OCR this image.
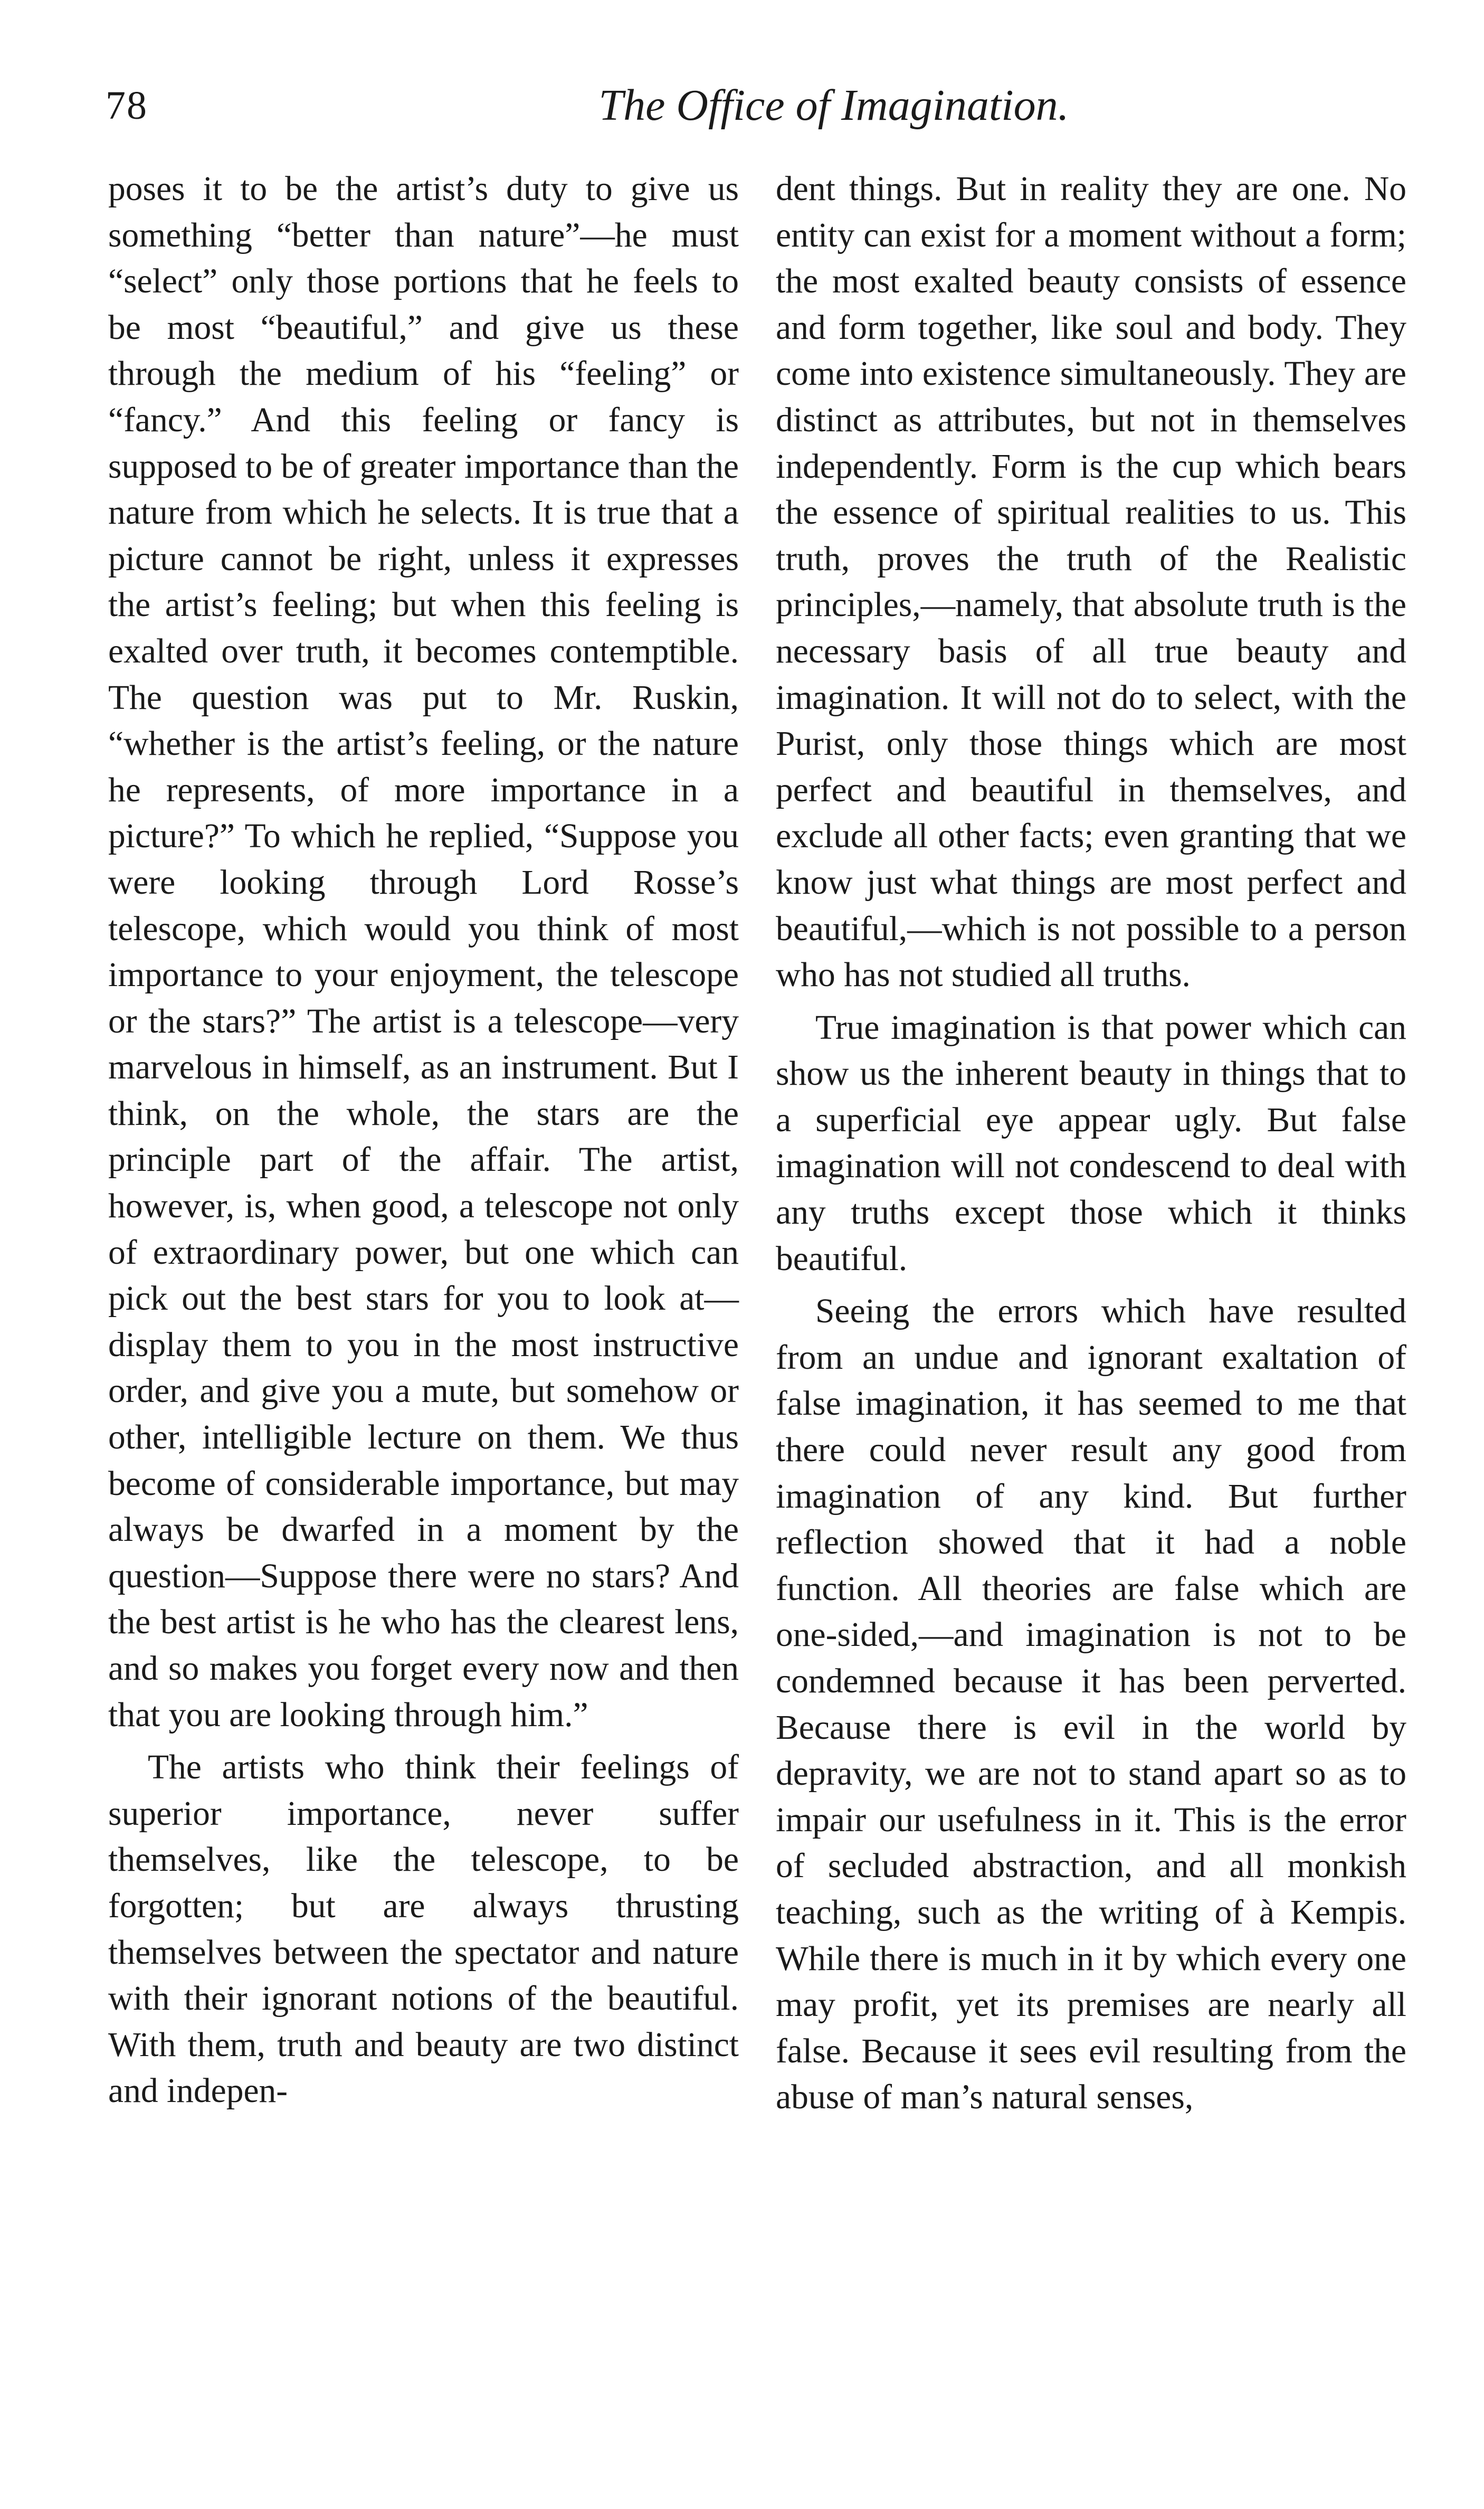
78	The Office of Imagination.

poses it to be the artist’s duty to give us something “better than nature”—he must “select” only those portions that he feels to be most “beautiful,” and give us these through the medium of his “feeling” or “fancy.” And this feeling or fancy is supposed to be of greater importance than the nature from which he selects. It is true that a picture cannot be right, unless it expresses the artist’s feeling; but when this feeling is exalted over truth, it becomes contemptible. The question was put to Mr. Ruskin, “whether is the artist’s feeling, or the nature he represents, of more importance in a picture?” To which he replied, “Suppose you were looking through Lord Rosse’s telescope, which would you think of most importance to your enjoyment, the telescope or the stars?” The artist is a telescope—very marvelous in himself, as an instrument. But I think, on the whole, the stars are the principle part of the affair. The artist, however, is, when good, a telescope not only of extraordinary power, but one which can pick out the best stars for you to look at—display them to you in the most instructive order, and give you a mute, but somehow or other, intelligible lecture on them. We thus become of considerable importance, but may always be dwarfed in a moment by the question—Suppose there were no stars? And the best artist is he who has the clearest lens, and so makes you forget every now and then that you are looking through him.”

The artists who think their feelings of superior importance, never suffer themselves, like the telescope, to be forgotten; but are always thrusting themselves between the spectator and nature with their ignorant notions of the beautiful. With them, truth and beauty are two distinct and indepen-

dent things. But in reality they are one. No entity can exist for a moment without a form; the most exalted beauty consists of essence and form together, like soul and body. They come into existence simultaneously. They are distinct as attributes, but not in themselves independently. Form is the cup which bears the essence of spiritual realities to us. This truth, proves the truth of the Realistic principles,—namely, that absolute truth is the necessary basis of all true beauty and imagination. It will not do to select, with the Purist, only those things which are most perfect and beautiful in themselves, and exclude all other facts; even granting that we know just what things are most perfect and beautiful,—which is not possible to a person who has not studied all truths.

True imagination is that power which can show us the inherent beauty in things that to a superficial eye appear ugly. But false imagination will not condescend to deal with any truths except those which it thinks beautiful.

Seeing the errors which have resulted from an undue and ignorant exaltation of false imagination, it has seemed to me that there could never result any good from imagination of any kind. But further reflection showed that it had a noble function. All theories are false which are one-sided,—and imagination is not to be condemned because it has been perverted. Because there is evil in the world by depravity, we are not to stand apart so as to impair our usefulness in it. This is the error of secluded abstraction, and all monkish teaching, such as the writing of à Kempis. While there is much in it by which every one may profit, yet its premises are nearly all false. Because it sees evil resulting from the abuse of man’s natural senses,
